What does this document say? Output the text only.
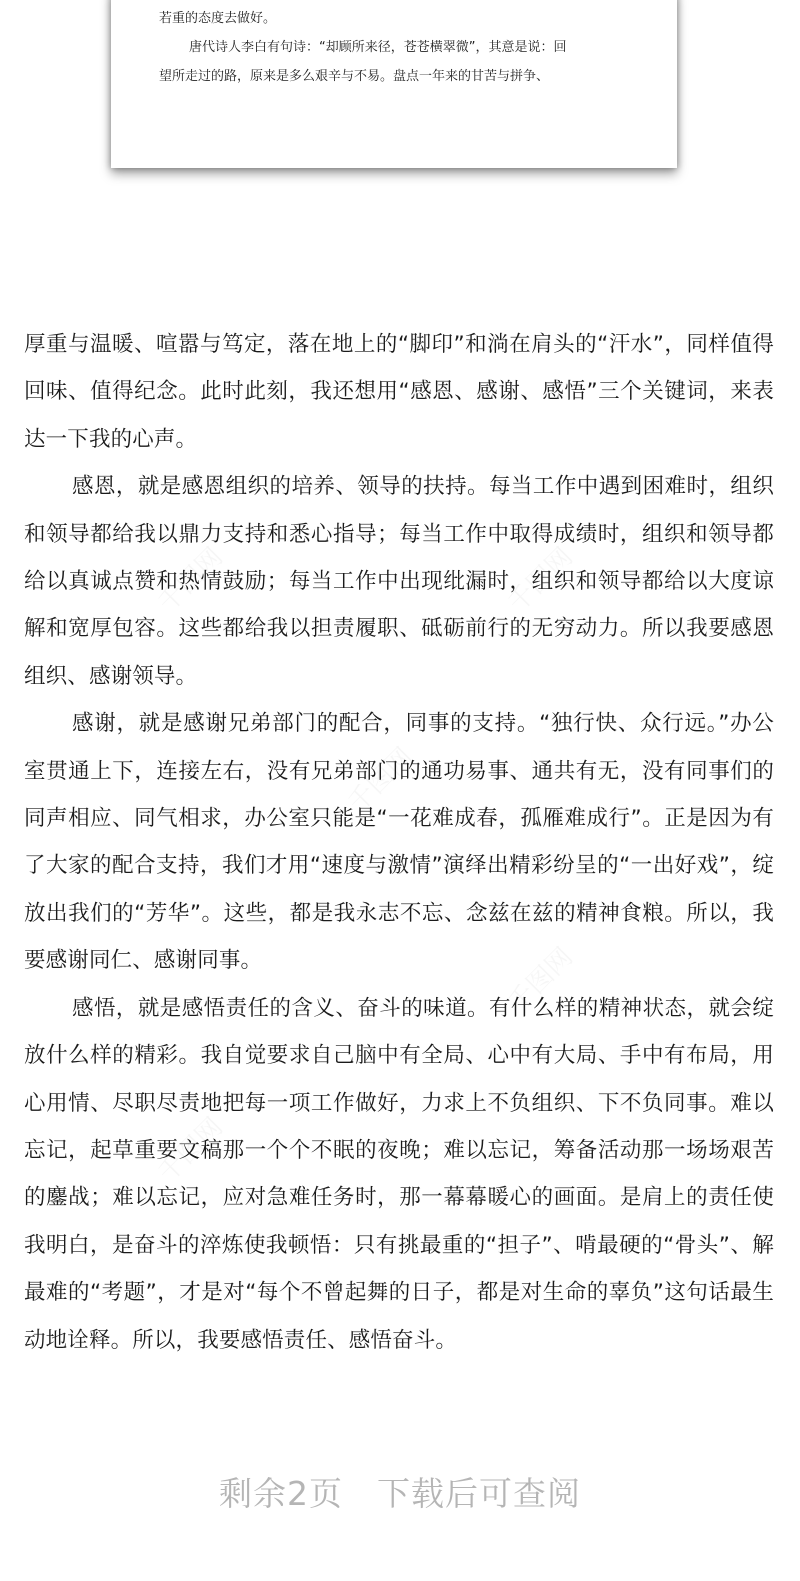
若重的态度去做好。
唐代诗人李白有句诗：“却顾所来径，苍苍横翠微”，其意是说：回
望所走过的路，原来是多么艰辛与不易。盘点一年来的甘苦与拼争、

厚重与温暖、喧嚣与笃定，落在地上的“脚印”和淌在肩头的“汗水”，同样值得回味、值得纪念。此时此刻，我还想用“感恩、感谢、感悟”三个关键词，来表达一下我的心声。

感恩，就是感恩组织的培养、领导的扶持。每当工作中遇到困难时，组织和领导都给我以鼎力支持和悉心指导；每当工作中取得成绩时，组织和领导都给以真诚点赞和热情鼓励；每当工作中出现纰漏时，组织和领导都给以大度谅解和宽厚包容。这些都给我以担责履职、砥砺前行的无穷动力。所以我要感恩组织、感谢领导。

感谢，就是感谢兄弟部门的配合，同事的支持。“独行快、众行远。”办公室贯通上下，连接左右，没有兄弟部门的通功易事、通共有无，没有同事们的同声相应、同气相求，办公室只能是“一花难成春，孤雁难成行”。正是因为有了大家的配合支持，我们才用“速度与激情”演绎出精彩纷呈的“一出好戏”，绽放出我们的“芳华”。这些，都是我永志不忘、念兹在兹的精神食粮。所以，我要感谢同仁、感谢同事。

感悟，就是感悟责任的含义、奋斗的味道。有什么样的精神状态，就会绽放什么样的精彩。我自觉要求自己脑中有全局、心中有大局、手中有布局，用心用情、尽职尽责地把每一项工作做好，力求上不负组织、下不负同事。难以忘记，起草重要文稿那一个个不眠的夜晚；难以忘记，筹备活动那一场场艰苦的鏖战；难以忘记，应对急难任务时，那一幕幕暖心的画面。是肩上的责任使我明白，是奋斗的淬炼使我顿悟：只有挑最重的“担子”、啃最硬的“骨头”、解最难的“考题”，才是对“每个不曾起舞的日子，都是对生命的辜负”这句话最生动地诠释。所以，我要感悟责任、感悟奋斗。

剩余2页 下载后可查阅
